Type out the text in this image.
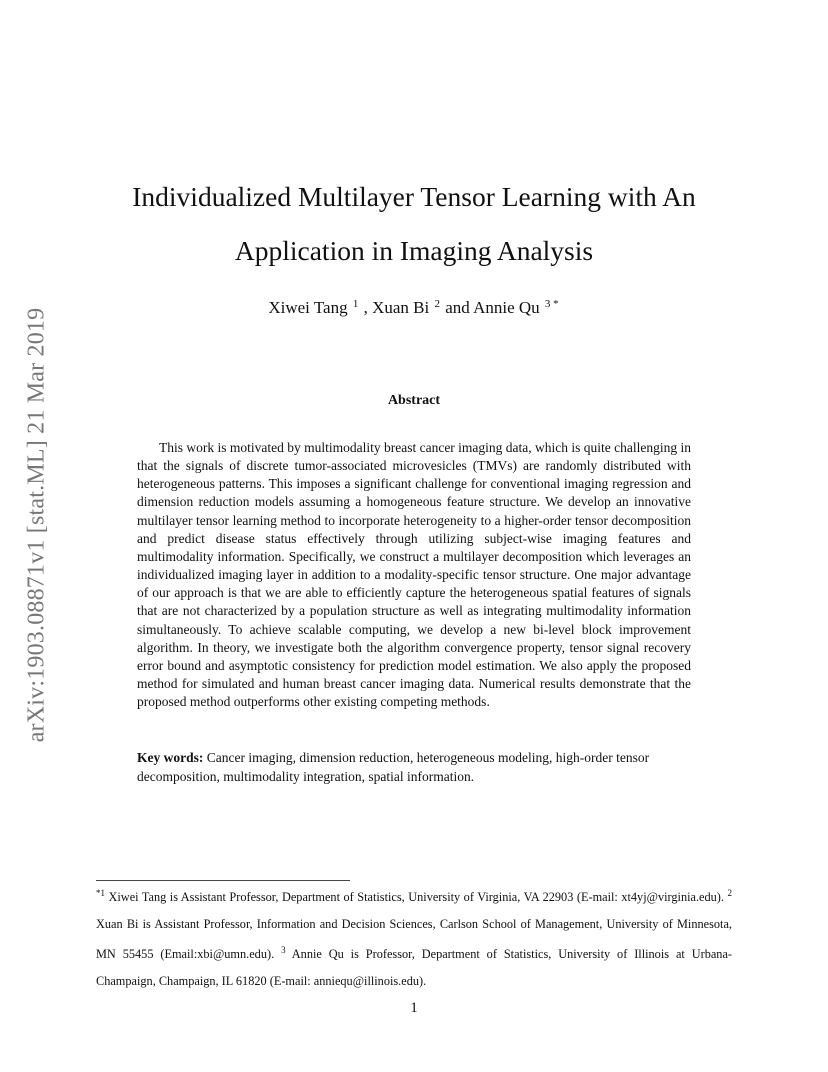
arXiv:1903.08871v1 [stat.ML] 21 Mar 2019
Individualized Multilayer Tensor Learning with An
Application in Imaging Analysis
Xiwei Tang $^1$ , Xuan Bi $^2$ and Annie Qu $^{3 *}$
Abstract

This work is motivated by multimodality breast cancer imaging data, which is quite challenging in that the signals of discrete tumor-associated microvesicles (TMVs) are randomly distributed with heterogeneous patterns. This imposes a significant challenge for conventional imaging regression and dimension reduction models assuming a homogeneous feature structure. We develop an innovative multilayer tensor learning method to incorporate heterogeneity to a higher-order tensor decomposition and predict disease status effectively through utilizing subject-wise imaging features and multimodality information. Specifically, we construct a multilayer decomposition which leverages an individualized imaging layer in addition to a modality-specific tensor structure. One major advantage of our approach is that we are able to efficiently capture the heterogeneous spatial features of signals that are not characterized by a population structure as well as integrating multimodality information simultaneously. To achieve scalable computing, we develop a new bi-level block improvement algorithm. In theory, we investigate both the algorithm convergence property, tensor signal recovery error bound and asymptotic consistency for prediction model estimation. We also apply the proposed method for simulated and human breast cancer imaging data. Numerical results demonstrate that the proposed method outperforms other existing competing methods.

Key words: Cancer imaging, dimension reduction, heterogeneous modeling, high-order tensor decomposition, multimodality integration, spatial information.

$^{*1}$ Xiwei Tang is Assistant Professor, Department of Statistics, University of Virginia, VA 22903 (E-mail: xt4yj@virginia.edu). $^2$ Xuan Bi is Assistant Professor, Information and Decision Sciences, Carlson School of Management, University of Minnesota, MN 55455 (Email:xbi@umn.edu). $^3$ Annie Qu is Professor, Department of Statistics, University of Illinois at Urbana-Champaign, Champaign, IL 61820 (E-mail: anniequ@illinois.edu).

1
